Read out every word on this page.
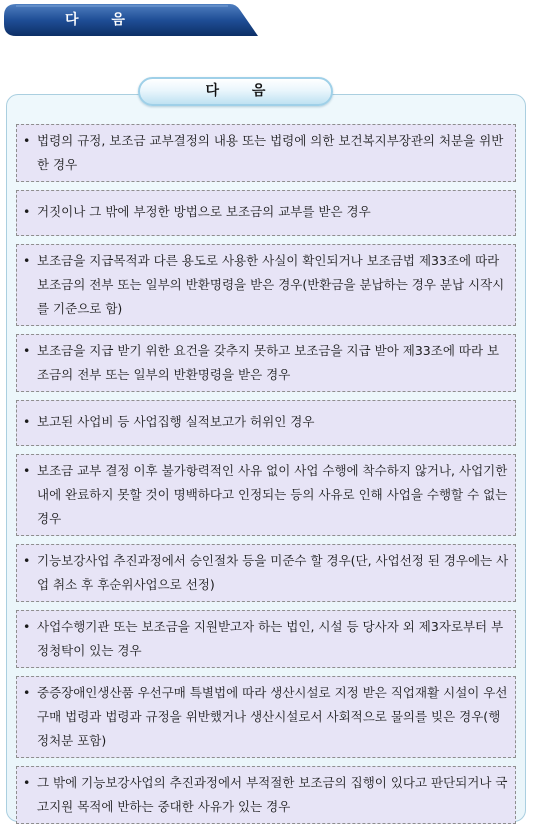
다 음
다 음
• 법령의 규정, 보조금 교부결정의 내용 또는 법령에 의한 보건복지부장관의 처분을 위반한 경우
• 거짓이나 그 밖에 부정한 방법으로 보조금의 교부를 받은 경우
• 보조금을 지급목적과 다른 용도로 사용한 사실이 확인되거나 보조금법 제33조에 따라 보조금의 전부 또는 일부의 반환명령을 받은 경우(반환금을 분납하는 경우 분납 시작시를 기준으로 함)
• 보조금을 지급 받기 위한 요건을 갖추지 못하고 보조금을 지급 받아 제33조에 따라 보조금의 전부 또는 일부의 반환명령을 받은 경우
• 보고된 사업비 등 사업집행 실적보고가 허위인 경우
• 보조금 교부 결정 이후 불가항력적인 사유 없이 사업 수행에 착수하지 않거나, 사업기한 내에 완료하지 못할 것이 명백하다고 인정되는 등의 사유로 인해 사업을 수행할 수 없는 경우
• 기능보강사업 추진과정에서 승인절차 등을 미준수 할 경우(단, 사업선정 된 경우에는 사업 취소 후 후순위사업으로 선정)
• 사업수행기관 또는 보조금을 지원받고자 하는 법인, 시설 등 당사자 외 제3자로부터 부정청탁이 있는 경우
• 중증장애인생산품 우선구매 특별법에 따라 생산시설로 지정 받은 직업재활 시설이 우선구매 법령과 법령과 규정을 위반했거나 생산시설로서 사회적으로 물의를 빚은 경우(행정처분 포함)
• 그 밖에 기능보강사업의 추진과정에서 부적절한 보조금의 집행이 있다고 판단되거나 국고지원 목적에 반하는 중대한 사유가 있는 경우
